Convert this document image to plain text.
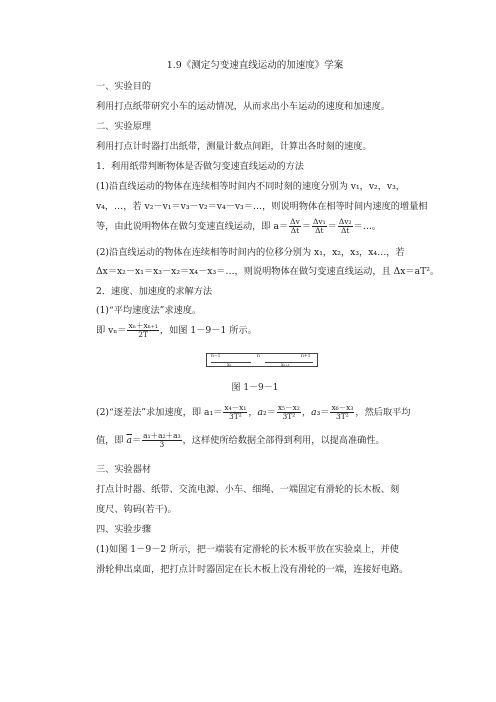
1.9《测定匀变速直线运动的加速度》学案
一、实验目的
利用打点纸带研究小车的运动情况，从而求出小车运动的速度和加速度。
二、实验原理
利用打点计时器打出纸带，测量计数点间距，计算出各时刻的速度。
1．利用纸带判断物体是否做匀变速直线运动的方法
(1)沿直线运动的物体在连续相等时间内不同时刻的速度分别为 v₁，v₂，v₃，
v₄，…，若 v₂－v₁＝v₃－v₂＝v₄－v₃＝…，则说明物体在相等时间内速度的增量相
等，由此说明物体在做匀变速直线运动，即 $a= \frac{\Delta v}{\Delta t} = \frac{\text{Δv₁}}{\Delta t} = \frac{\text{Δv₂}}{\Delta t}$ ＝…。
(2)沿直线运动的物体在连续相等时间内的位移分别为 x₁，x₂，x₃，x₄…，若
Δx＝x₂－x₁＝x₃－x₂＝x₄－x₃＝…，则说明物体在做匀变速直线运动，且 Δx＝aT²。
2．速度、加速度的求解方法
(1)“平均速度法”求速度。
即 $v_n= \frac{\text{xₙ＋xₙ₊₁}}{2T}$ ，如图 1－9－1 所示。
n−1	n	n+1
xₙ	xₙ₊₁
图 1－9－1
(2)“逐差法”求加速度，即 $a_1= \frac{\text{x₄－x₁}}{\text{3T²}}$ ，$a_2= \frac{\text{x₅－x₂}}{\text{3T²}}$ ，$a_3= \frac{\text{x₆－x₃}}{\text{3T²}}$ ，然后取平均
值，即 $\overline{a}= \frac{\text{a₁＋a₂＋a₃}}{3}$ ，这样使所给数据全部得到利用，以提高准确性。
三、实验器材
打点计时器、纸带、交流电源、小车、细绳、一端固定有滑轮的长木板、刻
度尺、钩码(若干)。
四、实验步骤
(1)如图 1－9－2 所示，把一端装有定滑轮的长木板平放在实验桌上，并使
滑轮伸出桌面，把打点计时器固定在长木板上没有滑轮的一端，连接好电路。
